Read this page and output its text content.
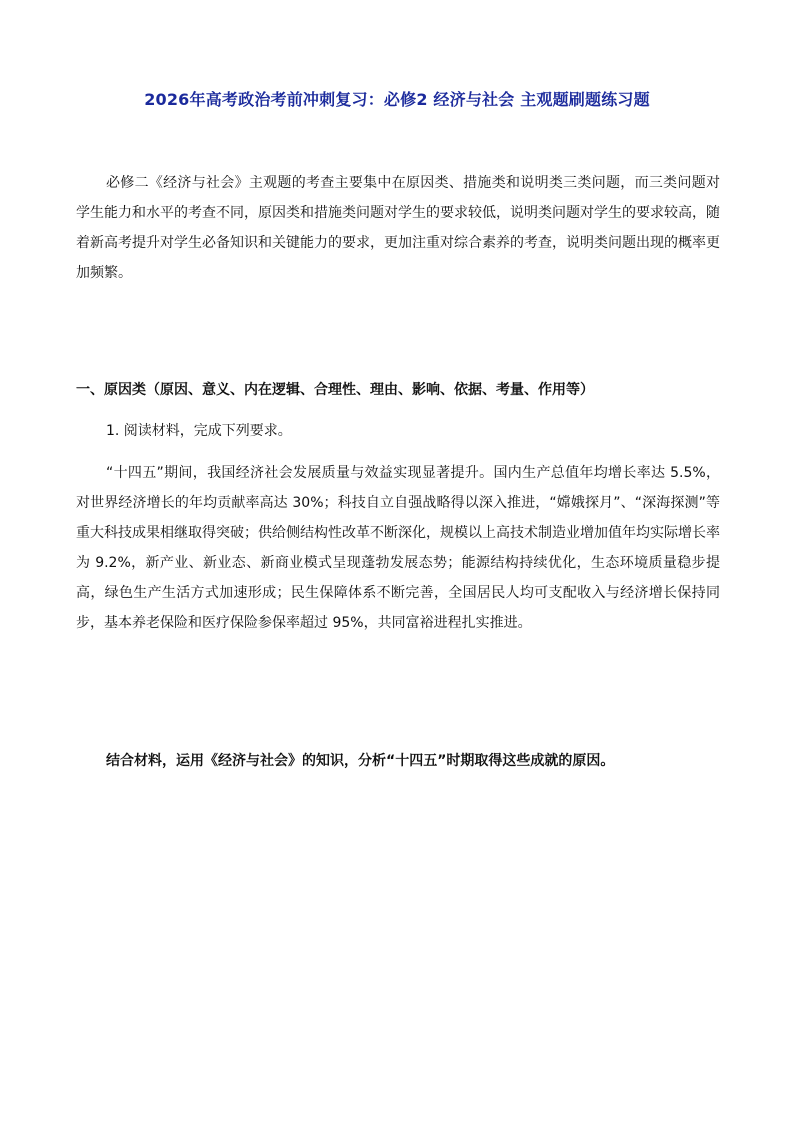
2026年高考政治考前冲刺复习：必修2 经济与社会 主观题刷题练习题

必修二《经济与社会》主观题的考查主要集中在原因类、措施类和说明类三类问题，而三类问题对学生能力和水平的考查不同，原因类和措施类问题对学生的要求较低，说明类问题对学生的要求较高，随着新高考提升对学生必备知识和关键能力的要求，更加注重对综合素养的考查，说明类问题出现的概率更加频繁。

一、原因类（原因、意义、内在逻辑、合理性、理由、影响、依据、考量、作用等）
1. 阅读材料，完成下列要求。

“十四五”期间，我国经济社会发展质量与效益实现显著提升。国内生产总值年均增长率达 5.5%，对世界经济增长的年均贡献率高达 30%；科技自立自强战略得以深入推进，“嫦娥探月”、“深海探测”等重大科技成果相继取得突破；供给侧结构性改革不断深化，规模以上高技术制造业增加值年均实际增长率为 9.2%，新产业、新业态、新商业模式呈现蓬勃发展态势；能源结构持续优化，生态环境质量稳步提高，绿色生产生活方式加速形成；民生保障体系不断完善，全国居民人均可支配收入与经济增长保持同步，基本养老保险和医疗保险参保率超过 95%，共同富裕进程扎实推进。

结合材料，运用《经济与社会》的知识，分析“十四五”时期取得这些成就的原因。
